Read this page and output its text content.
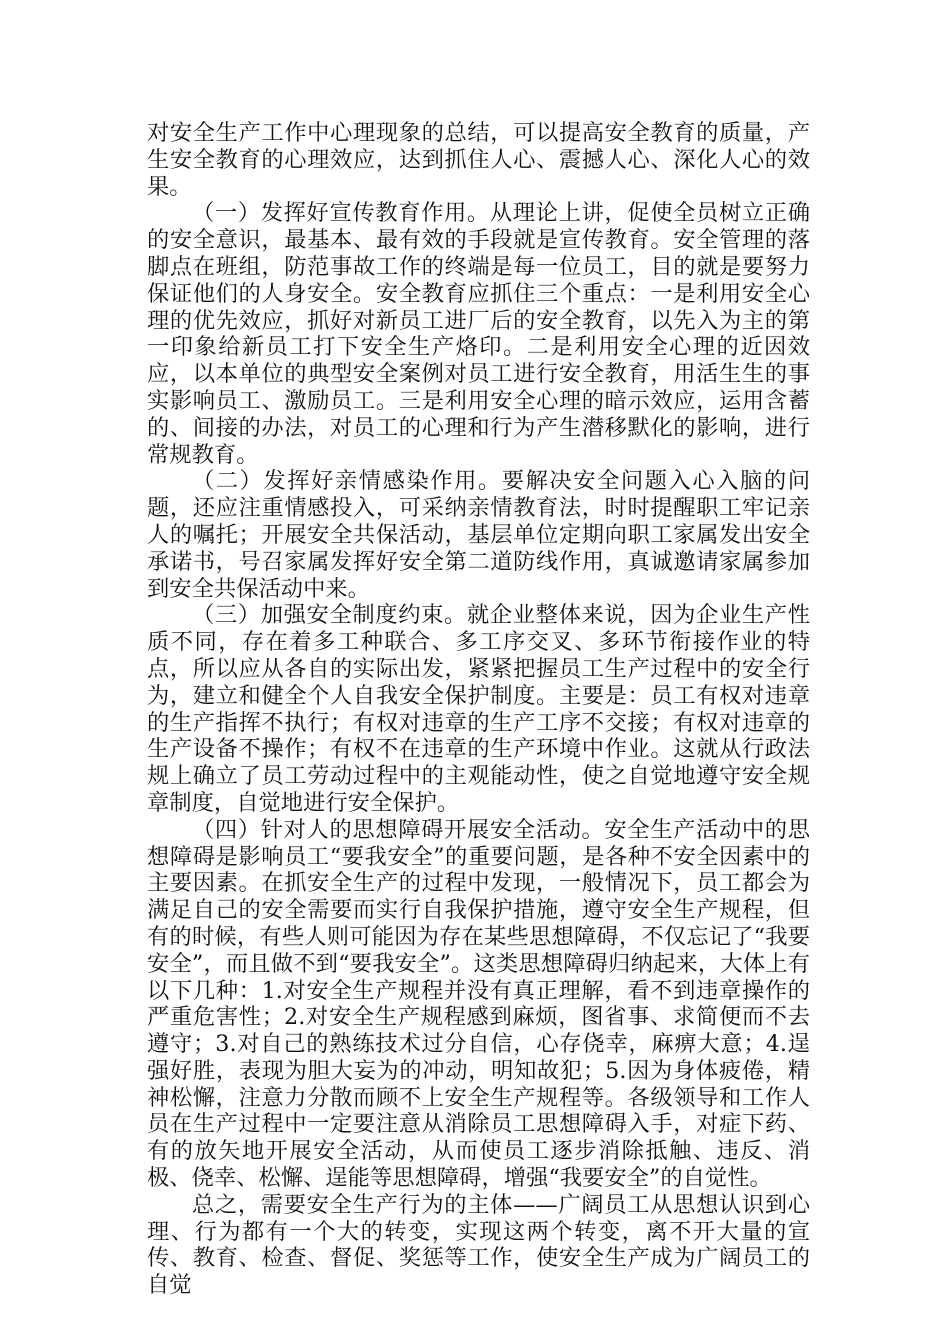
对安全生产工作中心理现象的总结，可以提高安全教育的质量，产生安全教育的心理效应，达到抓住人心、震撼人心、深化人心的效果。

（一）发挥好宣传教育作用。从理论上讲，促使全员树立正确的安全意识，最基本、最有效的手段就是宣传教育。安全管理的落脚点在班组，防范事故工作的终端是每一位员工，目的就是要努力保证他们的人身安全。安全教育应抓住三个重点：一是利用安全心理的优先效应，抓好对新员工进厂后的安全教育，以先入为主的第一印象给新员工打下安全生产烙印。二是利用安全心理的近因效应，以本单位的典型安全案例对员工进行安全教育，用活生生的事实影响员工、激励员工。三是利用安全心理的暗示效应，运用含蓄的、间接的办法，对员工的心理和行为产生潜移默化的影响，进行常规教育。

（二）发挥好亲情感染作用。要解决安全问题入心入脑的问题，还应注重情感投入，可采纳亲情教育法，时时提醒职工牢记亲人的嘱托；开展安全共保活动，基层单位定期向职工家属发出安全承诺书，号召家属发挥好安全第二道防线作用，真诚邀请家属参加到安全共保活动中来。

（三）加强安全制度约束。就企业整体来说，因为企业生产性质不同，存在着多工种联合、多工序交叉、多环节衔接作业的特点，所以应从各自的实际出发，紧紧把握员工生产过程中的安全行为，建立和健全个人自我安全保护制度。主要是：员工有权对违章的生产指挥不执行；有权对违章的生产工序不交接；有权对违章的生产设备不操作；有权不在违章的生产环境中作业。这就从行政法规上确立了员工劳动过程中的主观能动性，使之自觉地遵守安全规章制度，自觉地进行安全保护。

（四）针对人的思想障碍开展安全活动。安全生产活动中的思想障碍是影响员工“要我安全”的重要问题，是各种不安全因素中的主要因素。在抓安全生产的过程中发现，一般情况下，员工都会为满足自己的安全需要而实行自我保护措施，遵守安全生产规程，但有的时候，有些人则可能因为存在某些思想障碍，不仅忘记了“我要安全”，而且做不到“要我安全”。这类思想障碍归纳起来，大体上有以下几种：1.对安全生产规程并没有真正理解，看不到违章操作的严重危害性；2.对安全生产规程感到麻烦，图省事、求简便而不去遵守；3.对自己的熟练技术过分自信，心存侥幸，麻痹大意；4.逞强好胜，表现为胆大妄为的冲动，明知故犯；5.因为身体疲倦，精神松懈，注意力分散而顾不上安全生产规程等。各级领导和工作人员在生产过程中一定要注意从消除员工思想障碍入手，对症下药、有的放矢地开展安全活动，从而使员工逐步消除抵触、违反、消极、侥幸、松懈、逞能等思想障碍，增强“我要安全”的自觉性。

总之，需要安全生产行为的主体——广阔员工从思想认识到心理、行为都有一个大的转变，实现这两个转变，离不开大量的宣传、教育、检查、督促、奖惩等工作，使安全生产成为广阔员工的自觉
